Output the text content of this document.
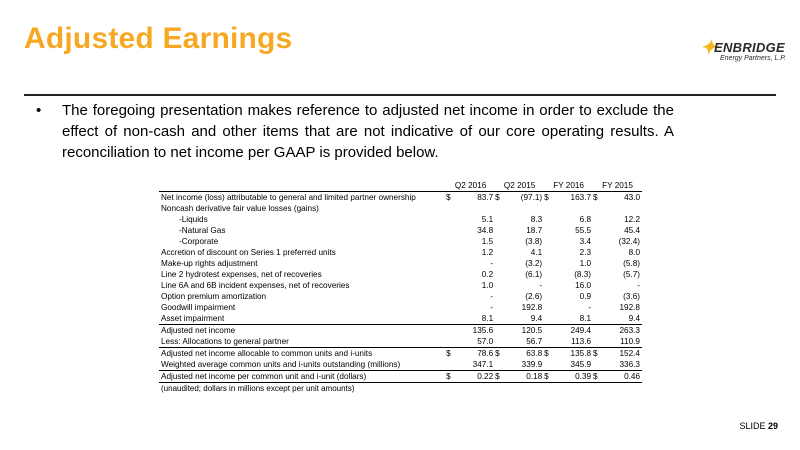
Adjusted Earnings	✦
ENBRIDGE
Energy Partners, L.P.
• The foregoing presentation makes reference to adjusted net income in order to exclude the effect of non-cash and other items that are not indicative of our core operating results. A reconciliation to net income per GAAP is provided below.
	Q2 2016		Q2 2015		FY 2016		FY 2015	
Net income (loss) attributable to general and limited partner ownership	$	83.7	$	(97.1)	$	163.7	$	43.0
Noncash derivative fair value losses (gains)								
-Liquids		5.1		8.3		6.8		12.2
-Natural Gas		34.8		18.7		55.5		45.4
-Corporate		1.5		(3.8)		3.4		(32.4)
Accretion of discount on Series 1 preferred units		1.2		4.1		2.3		8.0
Make-up rights adjustment		-		(3.2)		1.0		(5.8)
Line 2 hydrotest expenses, net of recoveries		0.2		(6.1)		(8.3)		(5.7)
Line 6A and 6B incident expenses, net of recoveries		1.0		-		16.0		-
Option premium amortization		-		(2.6)		0.9		(3.6)
Goodwill impairment		-		192.8		-		192.8
Asset impairment		8.1		9.4		8.1		9.4
Adjusted net income		135.6		120.5		249.4		263.3
Less: Allocations to general partner		57.0		56.7		113.6		110.9
Adjusted net income allocable to common units and i-units	$	78.6	$	63.8	$	135.8	$	152.4
Weighted average common units and i-units outstanding (millions)		347.1		339.9		345.9		336.3
Adjusted net income per common unit and i-unit (dollars)	$	0.22	$	0.18	$	0.39	$	0.46
(unaudited; dollars in millions except per unit amounts)
SLIDE 29
